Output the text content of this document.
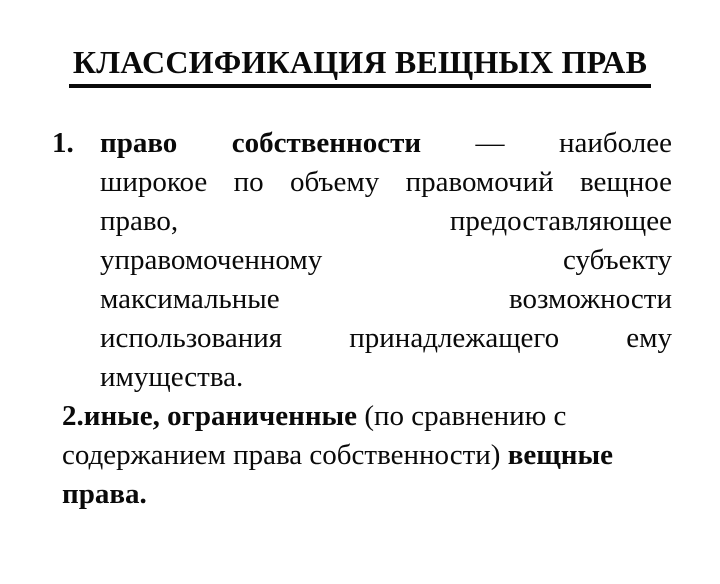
КЛАССИФИКАЦИЯ ВЕЩНЫХ ПРАВ
1. право собственности — наиболее
широкое по объему правомочий вещное
право, предоставляющее
управомоченному субъекту
максимальные возможности
использования принадлежащего ему
имущества.
2.иные, ограниченные (по сравнению с
содержанием права собственности) вещные
права.
